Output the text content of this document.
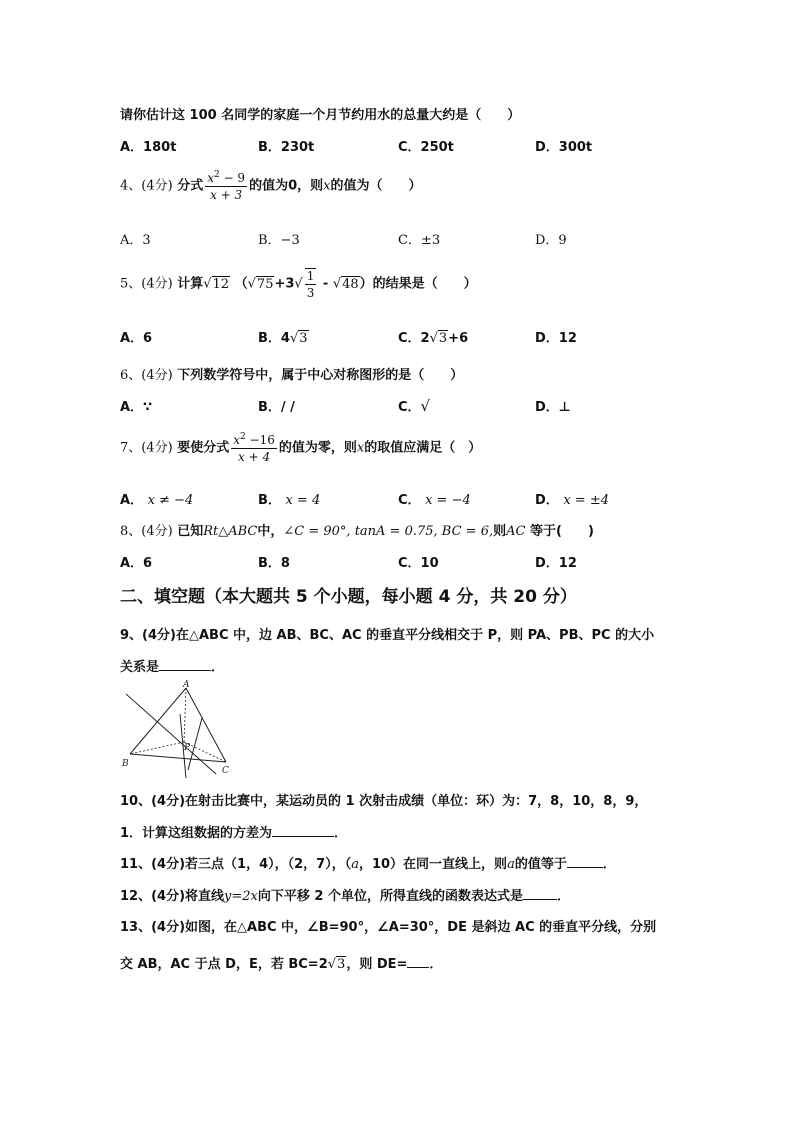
请你估计这 100 名同学的家庭一个月节约用水的总量大约是（　　）
A．180t	B．230t	C．250t	D．300t
4、(4分) 分式 $\frac{x^2 - 9}{x + 3}$ 的值为0，则x的值为（　　）
A．3	B．−3	C．±3	D．9
5、(4分) 计算√12 $(√75+3√ \frac{1}{3} - √48)$的结果是（　　）
A．6	B．4√3	C．2√3+6	D．12
6、(4分) 下列数学符号中，属于中心对称图形的是（　　）
A．∵	B．/ /	C．√	D．⊥
7、(4分) 要使分式 $\frac{x^2 -16}{x + 4}$ 的值为零，则x的取值应满足（　）
A． x ≠ −4	B． x = 4	C． x = −4	D． x = ±4
8、(4分) 已知Rt△ABC中，∠C = 90°, tanA = 0.75, BC = 6,则AC 等于(　　)
A．6	B．8	C．10	D．12
二、填空题（本大题共 5 个小题，每小题 4 分，共 20 分）
9、(4分)在△ABC 中，边 AB、BC、AC 的垂直平分线相交于 P，则 PA、PB、PC 的大小
关系是	．
A
B
C
P
10、(4分)在射击比赛中，某运动员的 1 次射击成绩（单位：环）为：7，8，10，8，9，
1．计算这组数据的方差为	．
11、(4分)若三点（1，4），（2，7），（a，10）在同一直线上，则a的值等于	．
12、(4分)将直线y=2x向下平移 2 个单位，所得直线的函数表达式是	．
13、(4分)如图，在△ABC 中，∠B=90°，∠A=30°，DE 是斜边 AC 的垂直平分线，分别
交 AB，AC 于点 D，E，若 BC=2√3，则 DE= ．
